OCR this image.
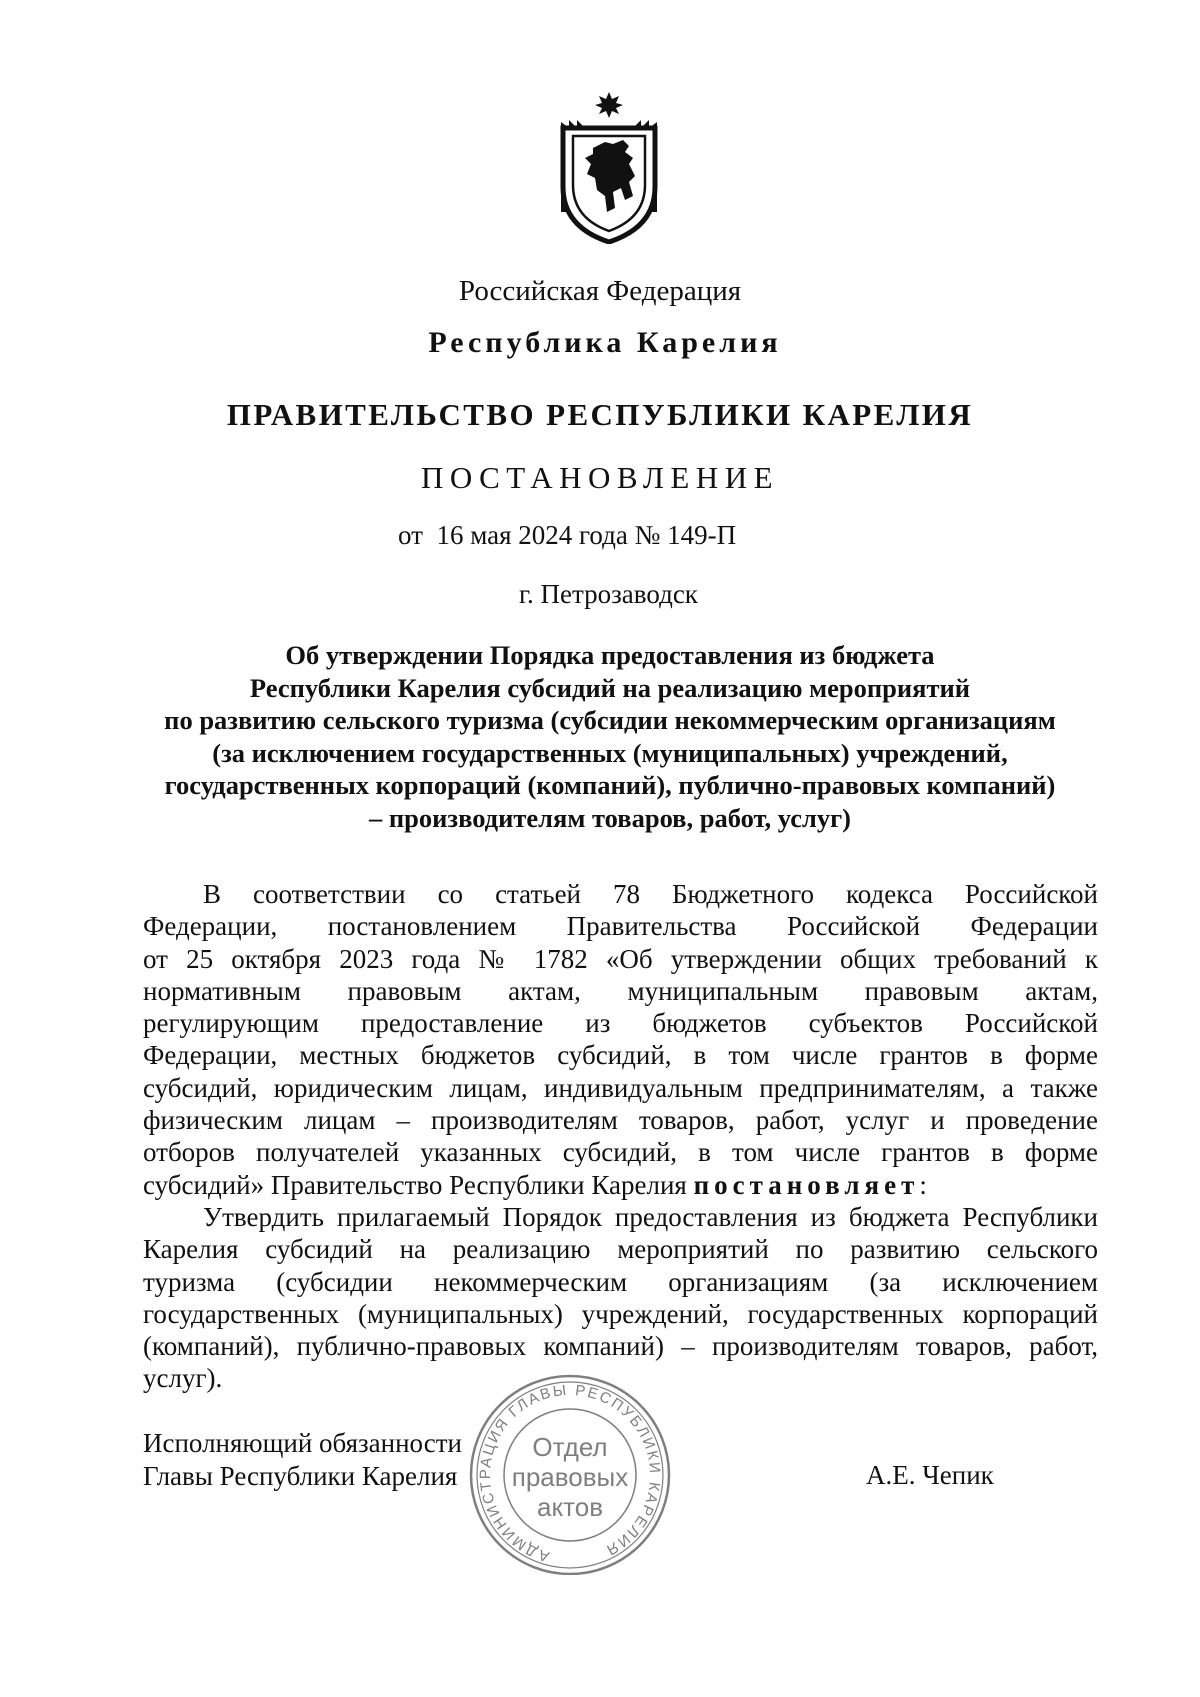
Российская Федерация
Республика Карелия
ПРАВИТЕЛЬСТВО РЕСПУБЛИКИ КАРЕЛИЯ
ПОСТАНОВЛЕНИЕ
от  16 мая 2024 года № 149-П
г. Петрозаводск
Об утверждении Порядка предоставления из бюджета
Республики Карелия субсидий на реализацию мероприятий
по развитию сельского туризма (субсидии некоммерческим организациям
(за исключением государственных (муниципальных) учреждений,
государственных корпораций (компаний), публично-правовых компаний)
– производителям товаров, работ, услуг)
В соответствии со статьей 78 Бюджетного кодекса Российской
Федерации, постановлением Правительства Российской Федерации
от 25 октября 2023 года № 1782 «Об утверждении общих требований к
нормативным правовым актам, муниципальным правовым актам,
регулирующим предоставление из бюджетов субъектов Российской
Федерации, местных бюджетов субсидий, в том числе грантов в форме
субсидий, юридическим лицам, индивидуальным предпринимателям, а также
физическим лицам – производителям товаров, работ, услуг и проведение
отборов получателей указанных субсидий, в том числе грантов в форме
субсидий» Правительство Республики Карелия постановляет:
Утвердить прилагаемый Порядок предоставления из бюджета Республики
Карелия субсидий на реализацию мероприятий по развитию сельского
туризма (субсидии некоммерческим организациям (за исключением
государственных (муниципальных) учреждений, государственных корпораций
(компаний), публично-правовых компаний) – производителям товаров, работ,
услуг).
Исполняющий обязанности
Главы Республики Карелия	А.Е. Чепик
АДМИНИСТРАЦИЯ ГЛАВЫ РЕСПУБЛИКИ КАРЕЛИЯ
Отдел
правовых
актов
